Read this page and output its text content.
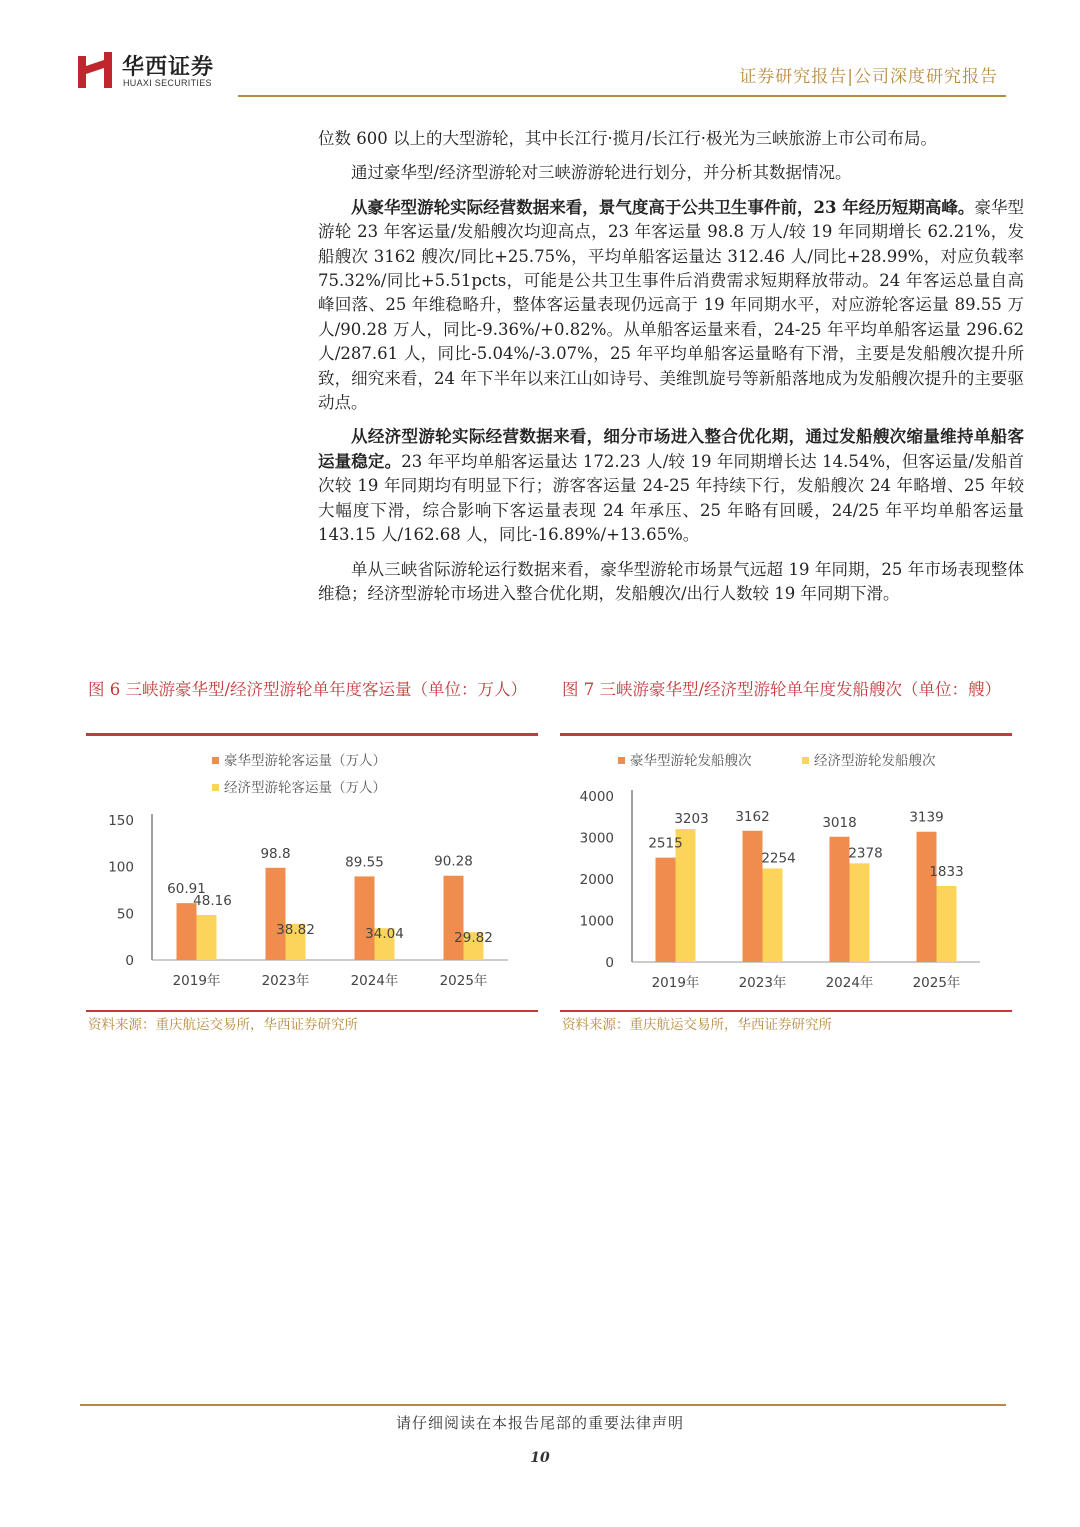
华西证券
HUAXI SECURITIES	证券研究报告|公司深度研究报告

位数 600 以上的大型游轮，其中长江行·揽月/长江行·极光为三峡旅游上市公司布局。

通过豪华型/经济型游轮对三峡游游轮进行划分，并分析其数据情况。

从豪华型游轮实际经营数据来看，景气度高于公共卫生事件前，23 年经历短期高峰。豪华型游轮 23 年客运量/发船艘次均迎高点，23 年客运量 98.8 万人/较 19 年同期增长 62.21%，发船艘次 3162 艘次/同比+25.75%，平均单船客运量达 312.46 人/同比+28.99%，对应负载率 75.32%/同比+5.51pcts，可能是公共卫生事件后消费需求短期释放带动。24 年客运总量自高峰回落、25 年维稳略升，整体客运量表现仍远高于 19 年同期水平，对应游轮客运量 89.55 万人/90.28 万人，同比-9.36%/+0.82%。从单船客运量来看，24-25 年平均单船客运量 296.62 人/287.61 人，同比-5.04%/-3.07%，25 年平均单船客运量略有下滑，主要是发船艘次提升所致，细究来看，24 年下半年以来江山如诗号、美维凯旋号等新船落地成为发船艘次提升的主要驱动点。

从经济型游轮实际经营数据来看，细分市场进入整合优化期，通过发船艘次缩量维持单船客运量稳定。23 年平均单船客运量达 172.23 人/较 19 年同期增长达 14.54%，但客运量/发船首次较 19 年同期均有明显下行；游客客运量 24-25 年持续下行，发船艘次 24 年略增、25 年较大幅度下滑，综合影响下客运量表现 24 年承压、25 年略有回暖，24/25 年平均单船客运量 143.15 人/162.68 人，同比-16.89%/+13.65%。

单从三峡省际游轮运行数据来看，豪华型游轮市场景气远超 19 年同期，25 年市场表现整体维稳；经济型游轮市场进入整合优化期，发船艘次/出行人数较 19 年同期下滑。

图 6 三峡游豪华型/经济型游轮单年度客运量（单位：万人）
豪华型游轮客运量（万人）
经济型游轮客运量（万人）
0
50
100
150
2019年	2023年	2024年	2025年
60.91
98.8
89.55	90.28
48.16
38.82	34.04	29.82
资料来源：重庆航运交易所，华西证券研究所
图 7 三峡游豪华型/经济型游轮单年度发船艘次（单位：艘）
豪华型游轮发船艘次	经济型游轮发船艘次
0
1000
2000
3000
4000
2019年	2023年	2024年	2025年
2515
3162	3018	3139
3203
2254	2378
1833
资料来源：重庆航运交易所，华西证券研究所
请仔细阅读在本报告尾部的重要法律声明
10
